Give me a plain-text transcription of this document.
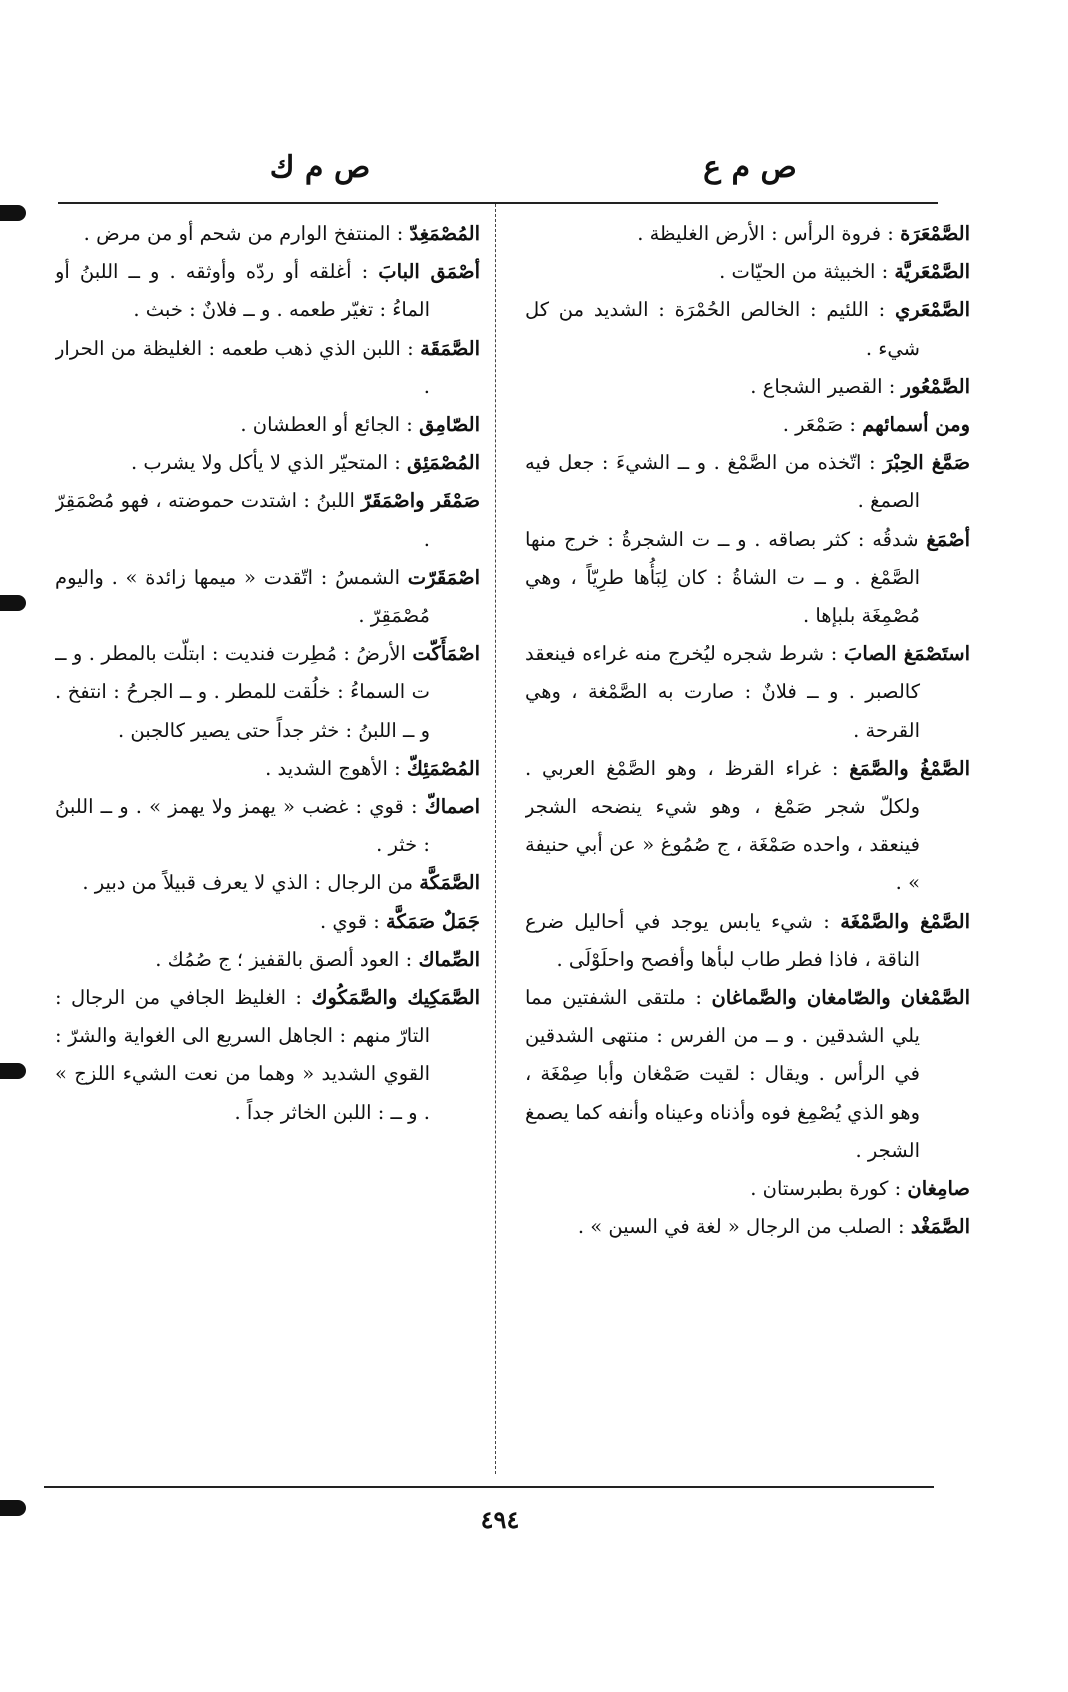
ص م ع
ص م ك

الصَّمْعَرَة : فروة الرأس : الأرض الغليظة .

الصَّمْعَريَّة : الخبيثة من الحيّات .

الصَّمْعَري : اللئيم : الخالص الحُمْرَة : الشديد من كل شيء .

الصَّمْعُور : القصير الشجاع .

ومن أسمائهم : صَمْعَر .

صَمَّغ الحِبْرَ : اتّخذه من الصَّمْغ . و ــ الشيءَ : جعل فيه الصمغ .

أصْمَغ شدقُه : كثر بصاقه . و ــ ت الشجرةُ : خرج منها الصَّمْغ . و ــ ت الشاةُ : كان لِبَأُها طرِيّاً ، وهي مُصْمِغَة بلبإها .

استَصْمَغ الصابَ : شرط شجره ليُخرج منه غراءه فينعقد كالصبر . و ــ فلانٌ : صارت به الصَّمْغة ، وهي القرحة .

الصَّمْغُ والصَّمَغ : غراء القرظ ، وهو الصَّمْغ العربي . ولكلّ شجر صَمْغ ، وهو شيء ينضحه الشجر فينعقد ، واحده صَمْغَة ، ج صُمُوغ « عن أبي حنيفة » .

الصَّمْغ والصَّمْغَة : شيء يابس يوجد في أحاليل ضرع الناقة ، فاذا فطر طاب لبأها وأفصح واحلَوْلَى .

الصَّمْغان والصّامغان والصَّماغان : ملتقى الشفتين مما يلي الشدقين . و ــ من الفرس : منتهى الشدقين في الرأس . ويقال : لقيت صَمْغان وأبا صِمْغَة ، وهو الذي يُصْمِغ فوه وأذناه وعيناه وأنفه كما يصمغ الشجر .

صامِغان : كورة بطبرستان .

الصَّمَغْد : الصلب من الرجال « لغة في السين » .

المُصْمَغِدّ : المنتفخ الوارم من شحم أو من مرض .

أصْمَق البابَ : أغلقه أو ردّه وأوثقه . و ــ اللبنُ أو الماءُ : تغيّر طعمه . و ــ فلانٌ : خبث .

الصَّمَقَة : اللبن الذي ذهب طعمه : الغليظة من الحرار .

الصّامِق : الجائع أو العطشان .

المُصْمَئِق : المتحيّر الذي لا يأكل ولا يشرب .

صَمْقَر واصْمَقَرّ اللبنُ : اشتدت حموضته ، فهو مُصْمَقِرّ .

اصْمَقَرّت الشمسُ : اتّقدت « ميمها زائدة » . واليوم مُصْمَقِرّ .

اصْمَأَكّت الأرضُ : مُطِرت فنديت : ابتلّت بالمطر . و ــ ت السماءُ : خلُقت للمطر . و ــ الجرحُ : انتفخ . و ــ اللبنُ : خثر جداً حتى يصير كالجبن .

المُصْمَئِكّ : الأهوج الشديد .

اصماكّ : قوي : غضب « يهمز ولا يهمز » . و ــ اللبنُ : خثر .

الصَّمَكَّة من الرجال : الذي لا يعرف قبيلاً من دبير .

جَمَلٌ صَمَكَّة : قوي .

الصِّماك : العود ألصق بالقفيز ؛ ج صُمُك .

الصَّمَكِيك والصَّمَكُوك : الغليظ الجافي من الرجال : التارّ منهم : الجاهل السريع الى الغواية والشرّ : القوي الشديد « وهما من نعت الشيء اللزج » . و ــ : اللبن الخاثر جداً .

٤٩٤
